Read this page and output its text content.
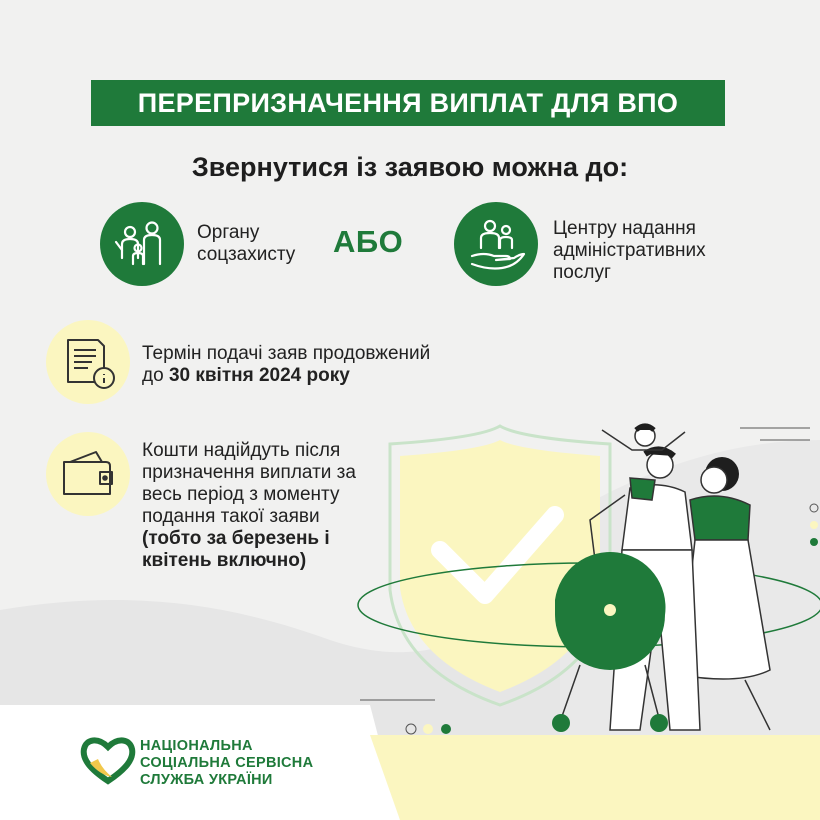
ПЕРЕПРИЗНАЧЕННЯ ВИПЛАТ ДЛЯ ВПО
Звернутися із заявою можна до:
Органу
соцзахисту АБО	Центру надання
адміністративних
послуг
Термін подачі заяв продовжений
до 30 квітня 2024 року
Кошти надійдуть після
призначення виплати за
весь період з моменту
подання такої заяви
(тобто за березень і
квітень включно)
НАЦІОНАЛЬНА
СОЦІАЛЬНА СЕРВІСНА
СЛУЖБА УКРАЇНИ
